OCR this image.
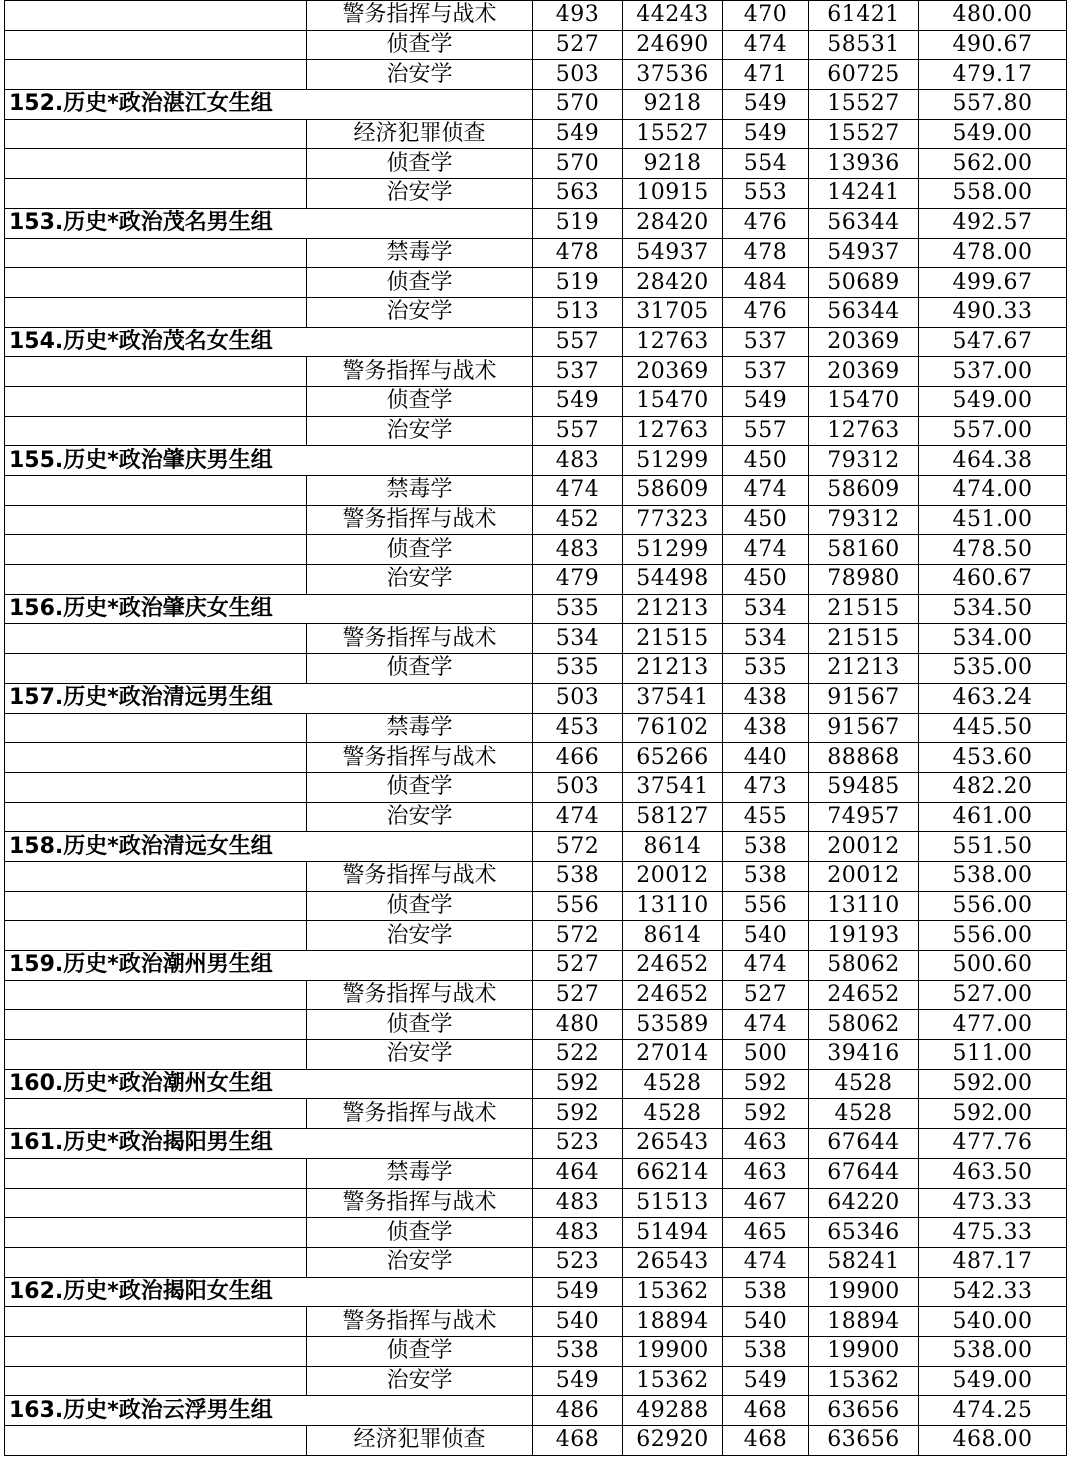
	警务指挥与战术	493	44243	470	61421	480.00
	侦查学	527	24690	474	58531	490.67
	治安学	503	37536	471	60725	479.17
152.历史*政治湛江女生组		570	9218	549	15527	557.80
	经济犯罪侦查	549	15527	549	15527	549.00
	侦查学	570	9218	554	13936	562.00
	治安学	563	10915	553	14241	558.00
153.历史*政治茂名男生组		519	28420	476	56344	492.57
	禁毒学	478	54937	478	54937	478.00
	侦查学	519	28420	484	50689	499.67
	治安学	513	31705	476	56344	490.33
154.历史*政治茂名女生组		557	12763	537	20369	547.67
	警务指挥与战术	537	20369	537	20369	537.00
	侦查学	549	15470	549	15470	549.00
	治安学	557	12763	557	12763	557.00
155.历史*政治肇庆男生组		483	51299	450	79312	464.38
	禁毒学	474	58609	474	58609	474.00
	警务指挥与战术	452	77323	450	79312	451.00
	侦查学	483	51299	474	58160	478.50
	治安学	479	54498	450	78980	460.67
156.历史*政治肇庆女生组		535	21213	534	21515	534.50
	警务指挥与战术	534	21515	534	21515	534.00
	侦查学	535	21213	535	21213	535.00
157.历史*政治清远男生组		503	37541	438	91567	463.24
	禁毒学	453	76102	438	91567	445.50
	警务指挥与战术	466	65266	440	88868	453.60
	侦查学	503	37541	473	59485	482.20
	治安学	474	58127	455	74957	461.00
158.历史*政治清远女生组		572	8614	538	20012	551.50
	警务指挥与战术	538	20012	538	20012	538.00
	侦查学	556	13110	556	13110	556.00
	治安学	572	8614	540	19193	556.00
159.历史*政治潮州男生组		527	24652	474	58062	500.60
	警务指挥与战术	527	24652	527	24652	527.00
	侦查学	480	53589	474	58062	477.00
	治安学	522	27014	500	39416	511.00
160.历史*政治潮州女生组		592	4528	592	4528	592.00
	警务指挥与战术	592	4528	592	4528	592.00
161.历史*政治揭阳男生组		523	26543	463	67644	477.76
	禁毒学	464	66214	463	67644	463.50
	警务指挥与战术	483	51513	467	64220	473.33
	侦查学	483	51494	465	65346	475.33
	治安学	523	26543	474	58241	487.17
162.历史*政治揭阳女生组		549	15362	538	19900	542.33
	警务指挥与战术	540	18894	540	18894	540.00
	侦查学	538	19900	538	19900	538.00
	治安学	549	15362	549	15362	549.00
163.历史*政治云浮男生组		486	49288	468	63656	474.25
	经济犯罪侦查	468	62920	468	63656	468.00
